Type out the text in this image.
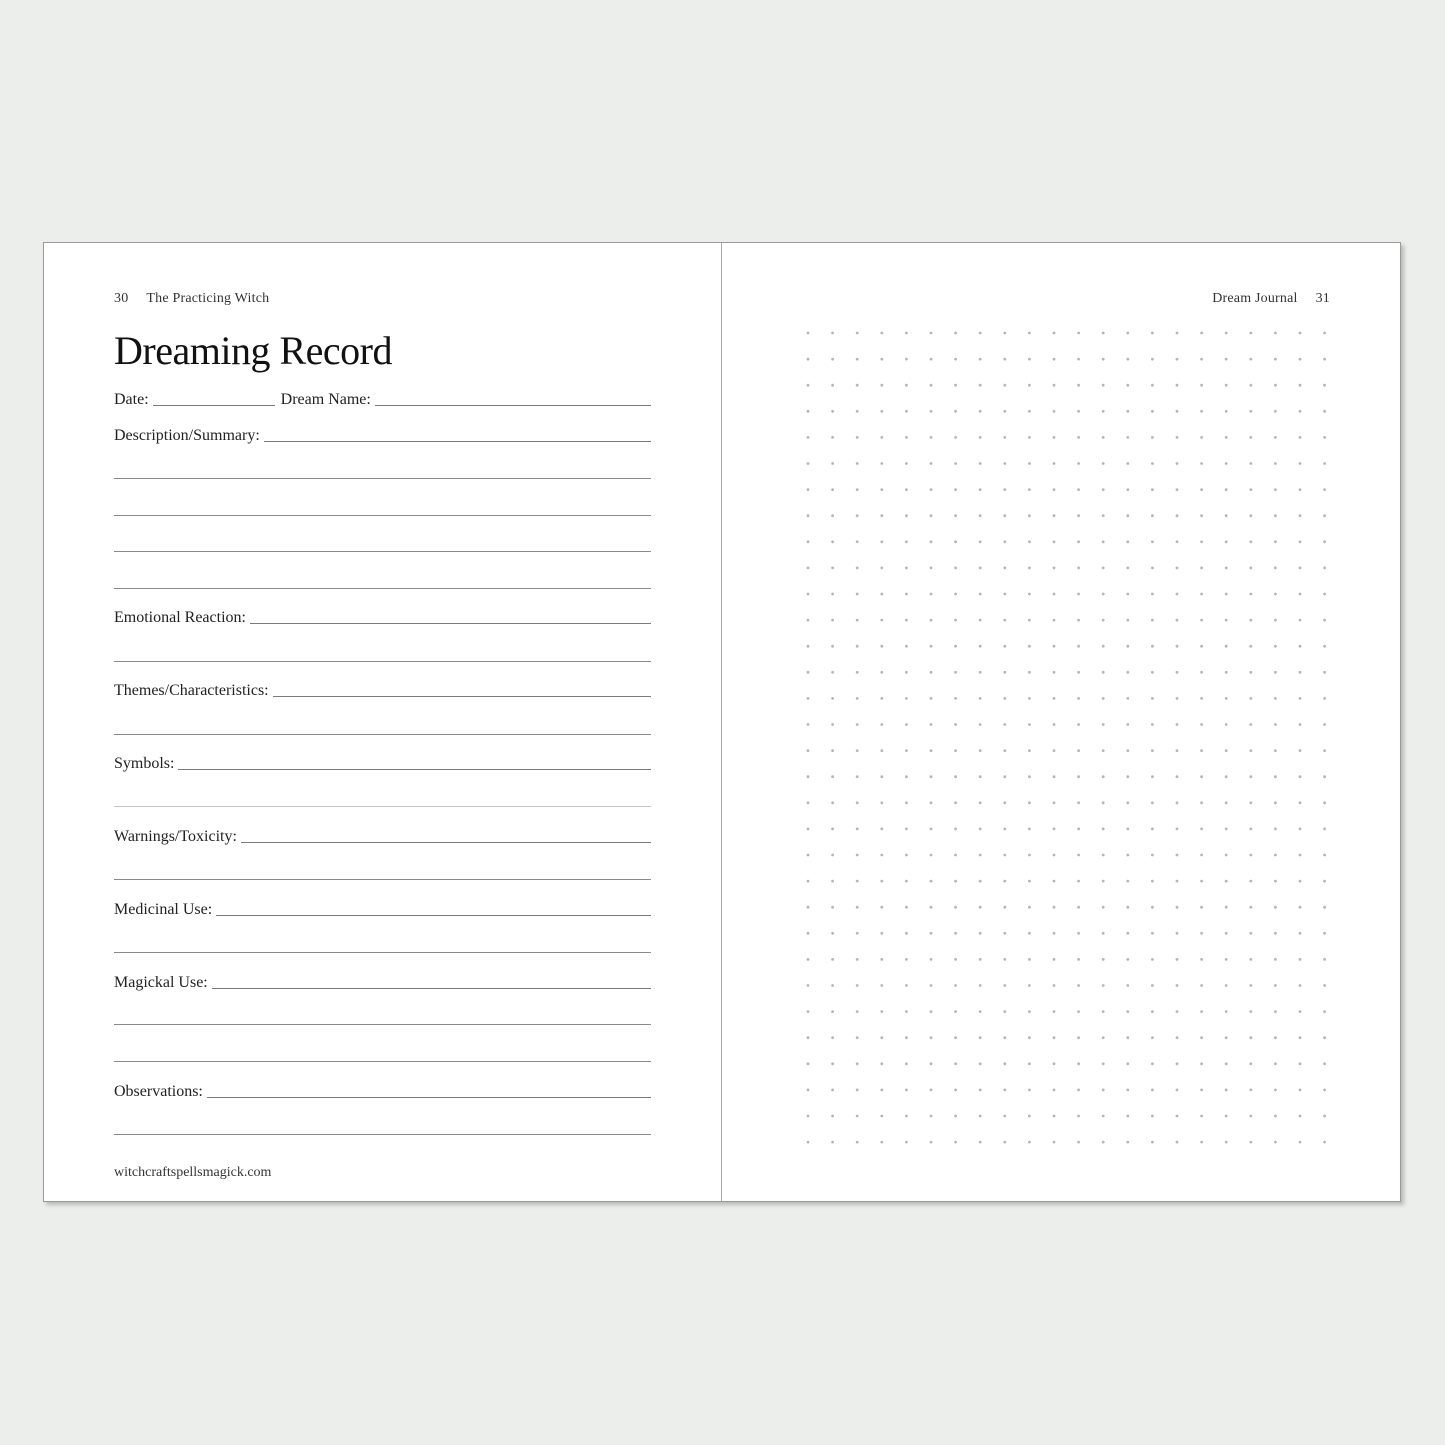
30 The Practicing Witch
Dreaming Record
Date:	Dream Name:
Description/Summary:
Emotional Reaction:
Themes/Characteristics:
Symbols:
Warnings/Toxicity:
Medicinal Use:
Magickal Use:
Observations:
witchcraftspellsmagick.com
Dream Journal 31
